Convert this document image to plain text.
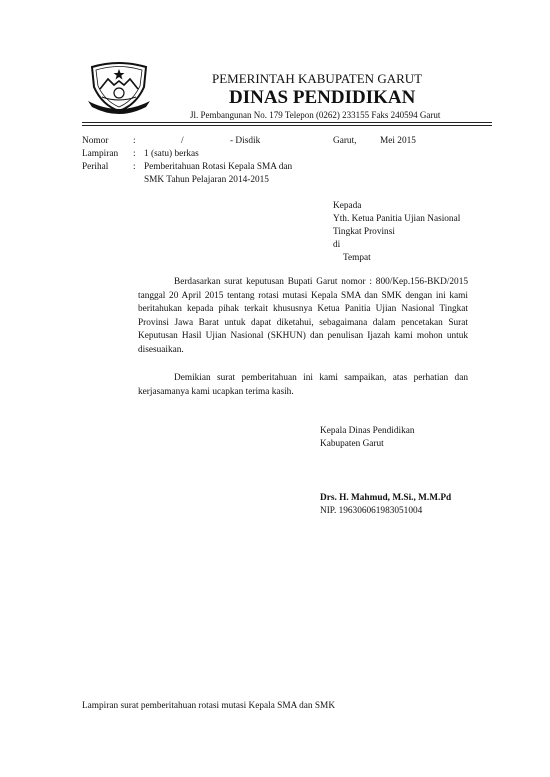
PEMERINTAH KABUPATEN GARUT
DINAS PENDIDIKAN
Jl. Pembangunan No. 179 Telepon (0262) 233155 Faks 240594 Garut
Nomor
Lampiran
Perihal
:
:
:
/	- Disdik
1 (satu) berkas
Pemberitahuan Rotasi Kepala SMA dan
SMK Tahun Pelajaran 2014-2015
Garut,	Mei 2015
Kepada
Yth. Ketua Panitia Ujian Nasional
Tingkat Provinsi
di
Tempat

Berdasarkan surat keputusan Bupati Garut nomor : 800/Kep.156-BKD/2015 tanggal 20 April 2015 tentang rotasi mutasi Kepala SMA dan SMK dengan ini kami beritahukan kepada pihak terkait khususnya Ketua Panitia Ujian Nasional Tingkat Provinsi Jawa Barat untuk dapat diketahui, sebagaimana dalam pencetakan Surat Keputusan Hasil Ujian Nasional (SKHUN) dan penulisan Ijazah kami mohon untuk disesuaikan.

Demikian surat pemberitahuan ini kami sampaikan, atas perhatian dan kerjasamanya kami ucapkan terima kasih.

Kepala Dinas Pendidikan
Kabupaten Garut
Drs. H. Mahmud, M.Si., M.M.Pd
NIP. 196306061983051004
Lampiran surat pemberitahuan rotasi mutasi Kepala SMA dan SMK
